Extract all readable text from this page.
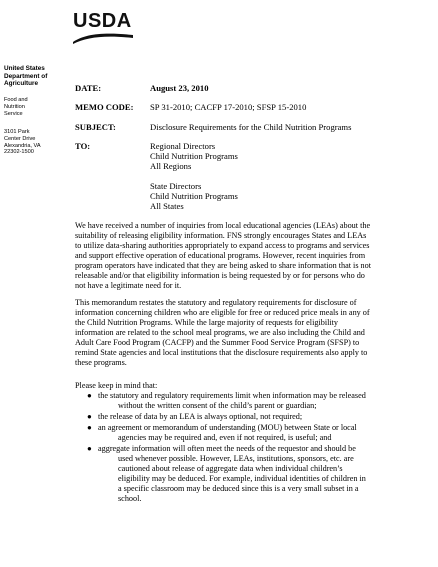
USDA
United States
Department of
Agriculture
Food and
Nutrition
Service
3101 Park
Center Drive
Alexandria, VA
22302-1500
DATE:	August 23, 2010
MEMO CODE: SP 31-2010; CACFP 17-2010; SFSP 15-2010
SUBJECT:	Disclosure Requirements for the Child Nutrition Programs
TO:	Regional Directors
Child Nutrition Programs
All Regions
State Directors
Child Nutrition Programs
All States
We have received a number of inquiries from local educational agencies (LEAs) about the
suitability of releasing eligibility information. FNS strongly encourages States and LEAs
to utilize data-sharing authorities appropriately to expand access to programs and services
and support effective operation of educational programs. However, recent inquiries from
program operators have indicated that they are being asked to share information that is not
releasable and/or that eligibility information is being requested by or for persons who do
not have a legitimate need for it.
This memorandum restates the statutory and regulatory requirements for disclosure of
information concerning children who are eligible for free or reduced price meals in any of
the Child Nutrition Programs. While the large majority of requests for eligibility
information are related to the school meal programs, we are also including the Child and
Adult Care Food Program (CACFP) and the Summer Food Service Program (SFSP) to
remind State agencies and local institutions that the disclosure requirements also apply to
these programs.
Please keep in mind that:
● the statutory and regulatory requirements limit when information may be released
without the written consent of the child’s parent or guardian;
● the release of data by an LEA is always optional, not required;
● an agreement or memorandum of understanding (MOU) between State or local
agencies may be required and, even if not required, is useful; and
● aggregate information will often meet the needs of the requestor and should be
used whenever possible. However, LEAs, institutions, sponsors, etc. are
cautioned about release of aggregate data when individual children’s
eligibility may be deduced. For example, individual identities of children in
a specific classroom may be deduced since this is a very small subset in a
school.
